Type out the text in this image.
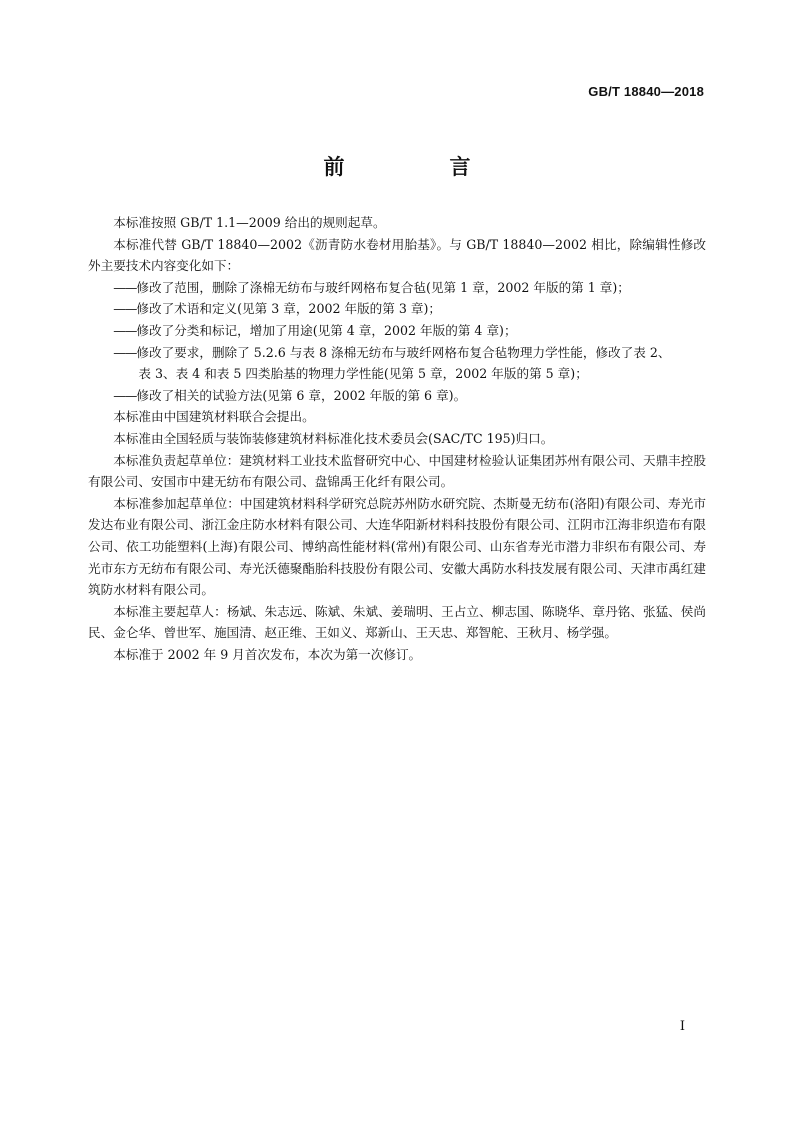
GB/T 18840—2018
前　言

本标准按照 GB/T 1.1—2009 给出的规则起草。

本标准代替 GB/T 18840—2002《沥青防水卷材用胎基》。与 GB/T 18840—2002 相比，除编辑性修改外主要技术内容变化如下：

——修改了范围，删除了涤棉无纺布与玻纤网格布复合毡(见第 1 章，2002 年版的第 1 章)；

——修改了术语和定义(见第 3 章，2002 年版的第 3 章)；

——修改了分类和标记，增加了用途(见第 4 章，2002 年版的第 4 章)；

——修改了要求，删除了 5.2.6 与表 8 涤棉无纺布与玻纤网格布复合毡物理力学性能，修改了表 2、
表 3、表 4 和表 5 四类胎基的物理力学性能(见第 5 章，2002 年版的第 5 章)；

——修改了相关的试验方法(见第 6 章，2002 年版的第 6 章)。

本标准由中国建筑材料联合会提出。

本标准由全国轻质与装饰装修建筑材料标准化技术委员会(SAC/TC 195)归口。

本标准负责起草单位：建筑材料工业技术监督研究中心、中国建材检验认证集团苏州有限公司、天鼎丰控股有限公司、安国市中建无纺布有限公司、盘锦禹王化纤有限公司。

本标准参加起草单位：中国建筑材料科学研究总院苏州防水研究院、杰斯曼无纺布(洛阳)有限公司、寿光市发达布业有限公司、浙江金庄防水材料有限公司、大连华阳新材料科技股份有限公司、江阴市江海非织造布有限公司、依工功能塑料(上海)有限公司、博纳高性能材料(常州)有限公司、山东省寿光市潜力非织布有限公司、寿光市东方无纺布有限公司、寿光沃德聚酯胎科技股份有限公司、安徽大禹防水科技发展有限公司、天津市禹红建筑防水材料有限公司。

本标准主要起草人：杨斌、朱志远、陈斌、朱斌、姜瑞明、王占立、柳志国、陈晓华、章丹铭、张猛、侯尚民、金仑华、曾世军、施国清、赵正维、王如义、郑新山、王天忠、郑智舵、王秋月、杨学强。

本标准于 2002 年 9 月首次发布，本次为第一次修订。

I
